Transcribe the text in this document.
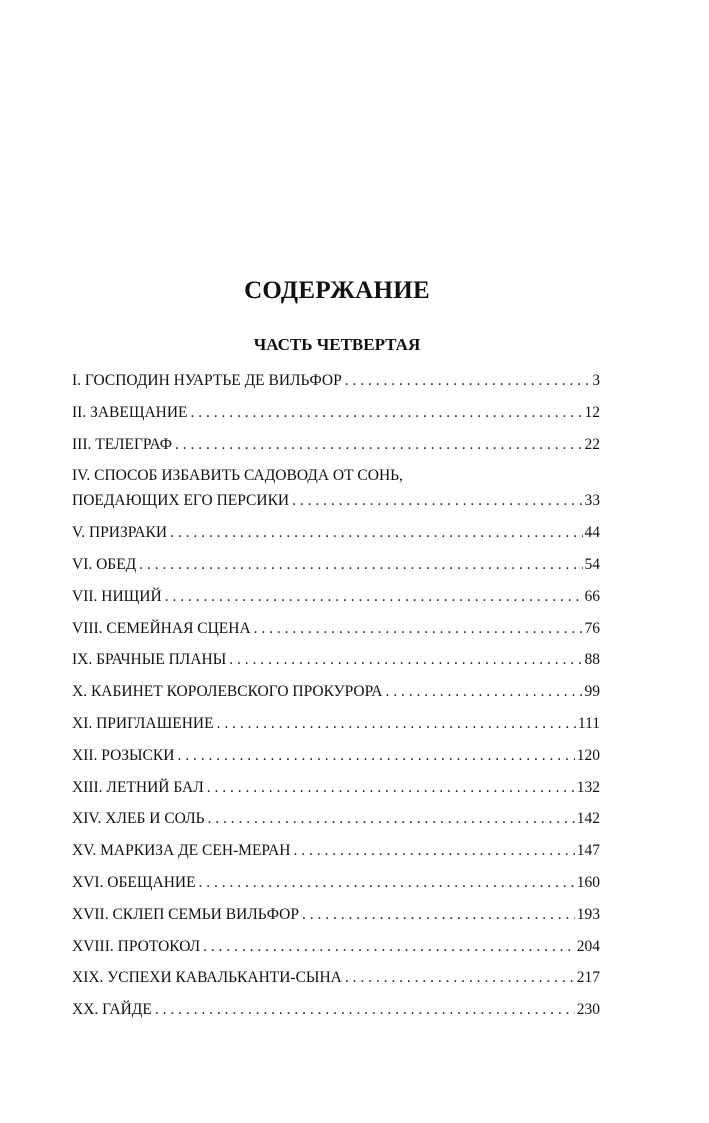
СОДЕРЖАНИЕ
ЧАСТЬ ЧЕТВЕРТАЯ
I. ГОСПОДИН НУАРТЬЕ ДЕ ВИЛЬФОР . . .	3
II. ЗАВЕЩАНИЕ . . .	12
III. ТЕЛЕГРАФ . . .	22
IV. СПОСОБ ИЗБАВИТЬ САДОВОДА ОТ СОНЬ,
ПОЕДАЮЩИХ ЕГО ПЕРСИКИ . . .	33
V. ПРИЗРАКИ . . .	44
VI. ОБЕД . . .	54
VII. НИЩИЙ . . .	66
VIII. СЕМЕЙНАЯ СЦЕНА . . .	76
IX. БРАЧНЫЕ ПЛАНЫ . . .	88
X. КАБИНЕТ КОРОЛЕВСКОГО ПРОКУРОРА . . .	99
XI. ПРИГЛАШЕНИЕ . . .	111
XII. РОЗЫСКИ . . .	120
XIII. ЛЕТНИЙ БАЛ . . .	132
XIV. ХЛЕБ И СОЛЬ . . .	142
XV. МАРКИЗА ДЕ СЕН-МЕРАН . . .	147
XVI. ОБЕЩАНИЕ . . .	160
XVII. СКЛЕП СЕМЬИ ВИЛЬФОР . . .	193
XVIII. ПРОТОКОЛ . . .	204
XIX. УСПЕХИ КАВАЛЬКАНТИ-СЫНА . . .	217
XX. ГАЙДЕ . . .	230
